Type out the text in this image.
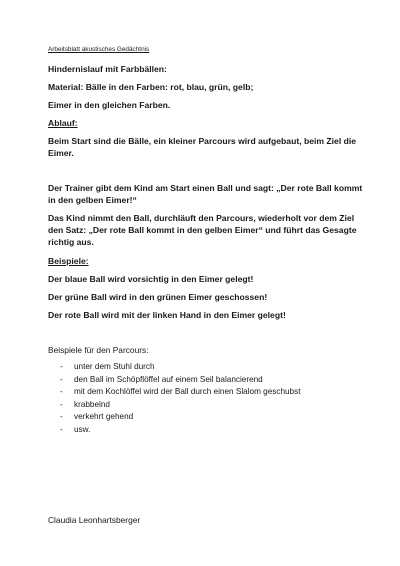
Arbeitsblatt akustisches Gedächtnis
Hindernislauf mit Farbbällen:
Material: Bälle in den Farben: rot, blau, grün, gelb;
Eimer in den gleichen Farben.
Ablauf:
Beim Start sind die Bälle, ein kleiner Parcours wird aufgebaut, beim Ziel die Eimer.
Der Trainer gibt dem Kind am Start einen Ball und sagt: „Der rote Ball kommt in den gelben Eimer!“
Das Kind nimmt den Ball, durchläuft den Parcours, wiederholt vor dem Ziel den Satz: „Der rote Ball kommt in den gelben Eimer“ und führt das Gesagte richtig aus.
Beispiele:
Der blaue Ball wird vorsichtig in den Eimer gelegt!
Der grüne Ball wird in den grünen Eimer geschossen!
Der rote Ball wird mit der linken Hand in den Eimer gelegt!
Beispiele für den Parcours:
- unter dem Stuhl durch
- den Ball im Schöpflöffel auf einem Seil balancierend
- mit dem Kochlöffel wird der Ball durch einen Slalom geschubst
- krabbelnd
- verkehrt gehend
- usw.
Claudia Leonhartsberger
